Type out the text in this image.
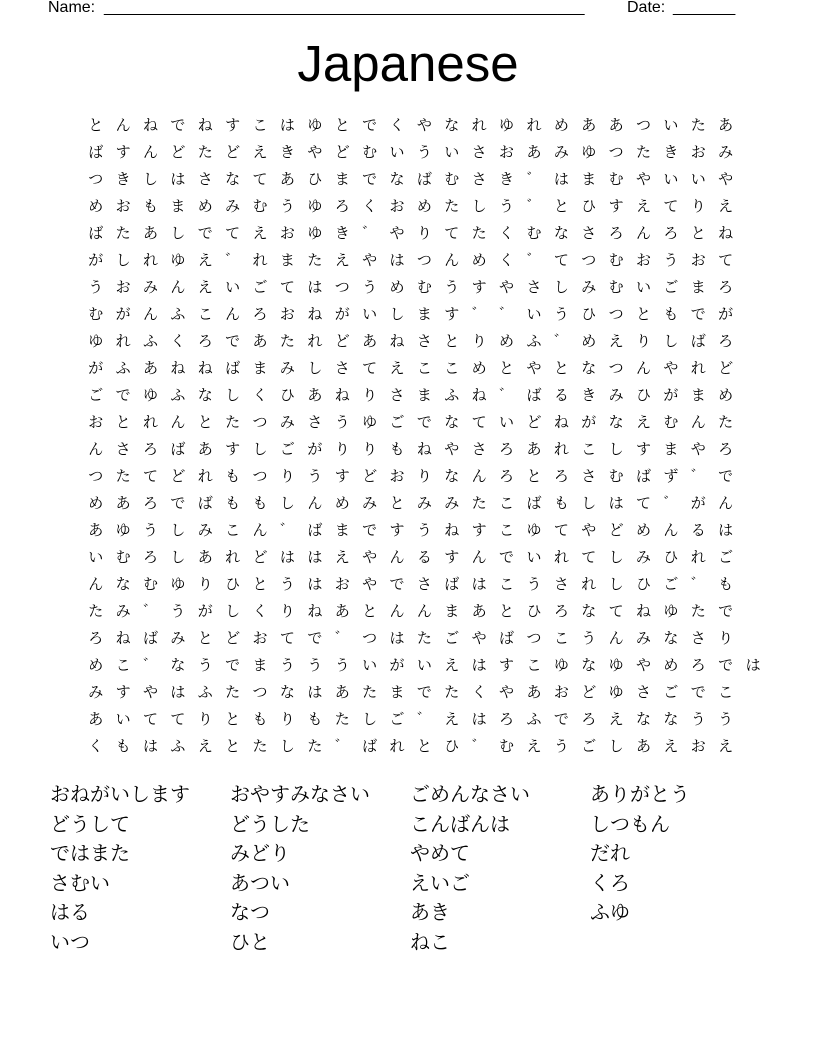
Name: ______________________________________________________	Date: _______
Japanese
と ん ね で ね す こ は ゆ と で く や な れ ゆ れ め あ あ つ い た あ
ば す ん ど た ど え き や ど む い う い さ お あ み ゆ つ た き お み
つ き し は さ な て あ ひ ま で な ば む さ き ゛ は ま む や い い や
め お も ま め み む う ゆ ろ く お め た し う ゛ と ひ す え て り え
ば た あ し で て え お ゆ き ゛ や り て た く む な さ ろ ん ろ と ね
が し れ ゆ え ゛ れ ま た え や は つ ん め く ゛ て つ む お う お て
う お み ん え い ご て は つ う め む う す や さ し み む い ご ま ろ
む が ん ふ こ ん ろ お ね が い し ま す ゛ ゛ い う ひ つ と も で が
ゆ れ ふ く ろ で あ た れ ど あ ね さ と り め ふ ゛ め え り し ば ろ
が ふ あ ね ね ば ま み し さ て え こ こ め と や と な つ ん や れ ど
ご で ゆ ふ な し く ひ あ ね り さ ま ふ ね ゛ ば る き み ひ が ま め
お と れ ん と た つ み さ う ゆ ご で な て い ど ね が な え む ん た
ん さ ろ ば あ す し ご が り り も ね や さ ろ あ れ こ し す ま や ろ
つ た て ど れ も つ り う す ど お り な ん ろ と ろ さ む ば ず ゛ で
め あ ろ で ば も も し ん め み と み み た こ ば も し は て ゛ が ん
あ ゆ う し み こ ん ゛ ば ま で す う ね す こ ゆ て や ど め ん る は
い む ろ し あ れ ど は は え や ん る す ん で い れ て し み ひ れ ご
ん な む ゆ り ひ と う は お や で さ ば は こ う さ れ し ひ ご ゛ も
た み ゛ う が し く り ね あ と ん ん ま あ と ひ ろ な て ね ゆ た で
ろ ね ば み と ど お て で ゛ つ は た ご や ば つ こ う ん み な さ り
め こ ゛ な う で ま う う う い が い え は す こ ゆ な ゆ や め ろ で は
み す や は ふ た つ な は あ た ま で た く や あ お ど ゆ さ ご で こ
あ い て て り と も り も た し ご ゛ え は ろ ふ で ろ え な な う う
く も は ふ え と た し た ゛ ば れ と ひ ゛ む え う ご し あ え お え
おねがいします	おやすみなさい	ごめんなさい	ありがとう
どうして	どうした	こんばんは	しつもん
ではまた	みどり	やめて	だれ
さむい	あつい	えいご	くろ
はる	なつ	あき	ふゆ
いつ	ひと	ねこ
